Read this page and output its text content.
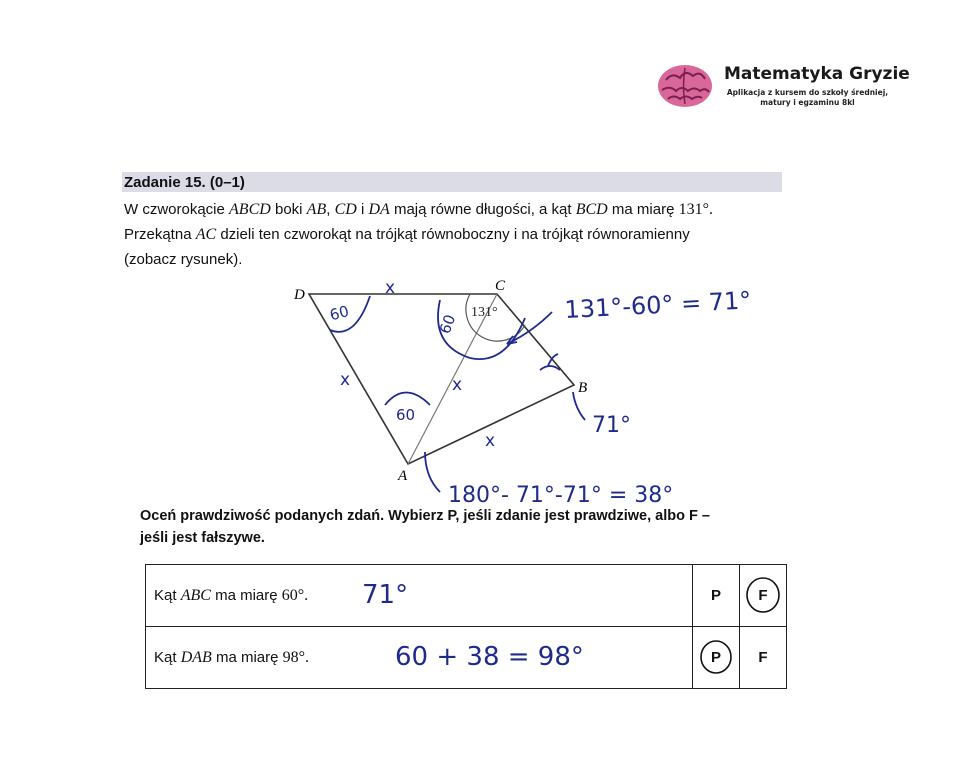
Matematyka Gryzie
Aplikacja z kursem do szkoły średniej,
matury i egzaminu 8kl
Zadanie 15. (0–1)
W czworokącie ABCD boki AB, CD i DA mają równe długości, a kąt BCD ma miarę 131°.
Przekątna AC dzieli ten czworokąt na trójkąt równoboczny i na trójkąt równoramienny
(zobacz rysunek).
D
C
B
A
131°
x
x	x
x
60	60
60	71°
131°-60° = 71°
180°- 71°-71° = 38°
Oceń prawdziwość podanych zdań. Wybierz P, jeśli zdanie jest prawdziwe, albo F –
jeśli jest fałszywe.
Kąt ABC ma miarę 60°.	P	F

Kąt DAB ma miarę 98°.	P	F
71°
60 + 38 = 98°
